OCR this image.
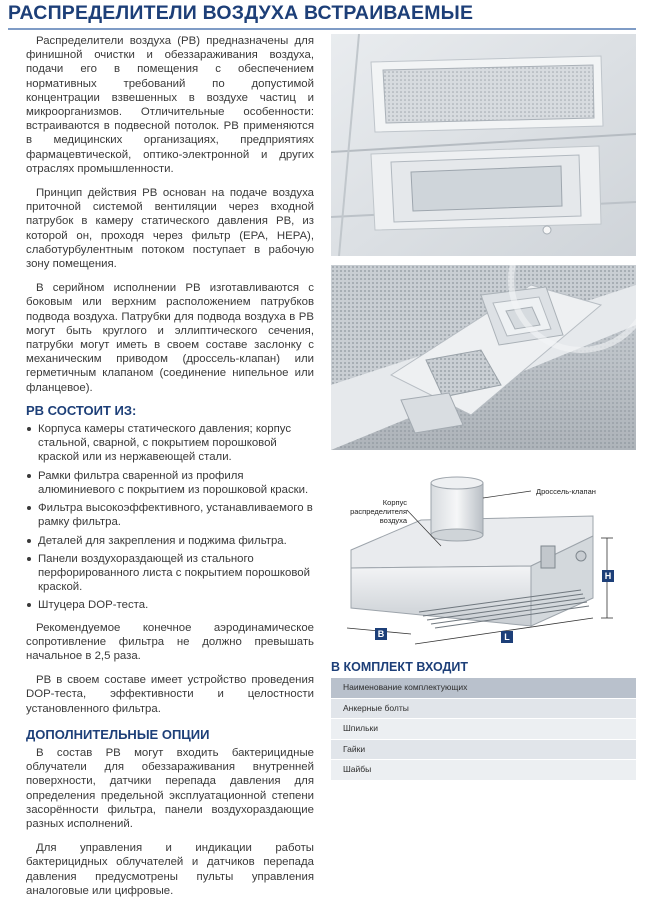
РАСПРЕДЕЛИТЕЛИ ВОЗДУХА ВСТРАИВАЕМЫЕ

Распределители воздуха (РВ) предназначены для финишной очистки и обеззараживания воздуха, подачи его в помещения с обеспечением нормативных требований по допустимой концентрации взвешенных в воздухе частиц и микроорганизмов. Отличительные особенности: встраиваются в подвесной потолок. РВ применяются в медицинских организациях, предприятиях фармацевтической, оптико-электронной и других отраслях промышленности.

Принцип действия РВ основан на подаче воздуха приточной системой вентиляции через входной патрубок в камеру статического давления РВ, из которой он, проходя через фильтр (EPA, HEPA), слаботурбулентным потоком поступает в рабочую зону помещения.

В серийном исполнении РВ изготавливаются с боковым или верхним расположением патрубков подвода воздуха. Патрубки для подвода воздуха в РВ могут быть круглого и эллиптического сечения, патрубки могут иметь в своем составе заслонку с механическим приводом (дроссель-клапан) или герметичным клапаном (соединение нипельное или фланцевое).

РВ СОСТОИТ ИЗ:
Корпуса камеры статического давления; корпус стальной, сварной, с покрытием порошковой краской или из нержавеющей стали.
Рамки фильтра сваренной из профиля алюминиевого с покрытием из порошковой краски.
Фильтра высокоэффективного, устанавливаемого в рамку фильтра.
Деталей для закрепления и поджима фильтра.
Панели воздухораздающей из стального перфорированного листа с покрытием порошковой краской.
Штуцера DOP-теста.

Рекомендуемое конечное аэродинамическое сопротивление фильтра не должно превышать начальное в 2,5 раза.

РВ в своем составе имеет устройство проведения DOP-теста, эффективности и целостности установленного фильтра.

ДОПОЛНИТЕЛЬНЫЕ ОПЦИИ

В состав РВ могут входить бактерицидные облучатели для обеззараживания внутренней поверхности, датчики перепада давления для определения предельной эксплуатационной степени засорённости фильтра, панели воздухораздающие разных исполнений.

Для управления и индикации работы бактерицидных облучателей и датчиков перепада давления предусмотрены пульты управления аналоговые или цифровые.

Корпус распределителя воздуха
Дроссель-клапан
H
B	L
В КОМПЛЕКТ ВХОДИТ
Наименование комплектующих
Анкерные болты
Шпильки
Гайки
Шайбы
